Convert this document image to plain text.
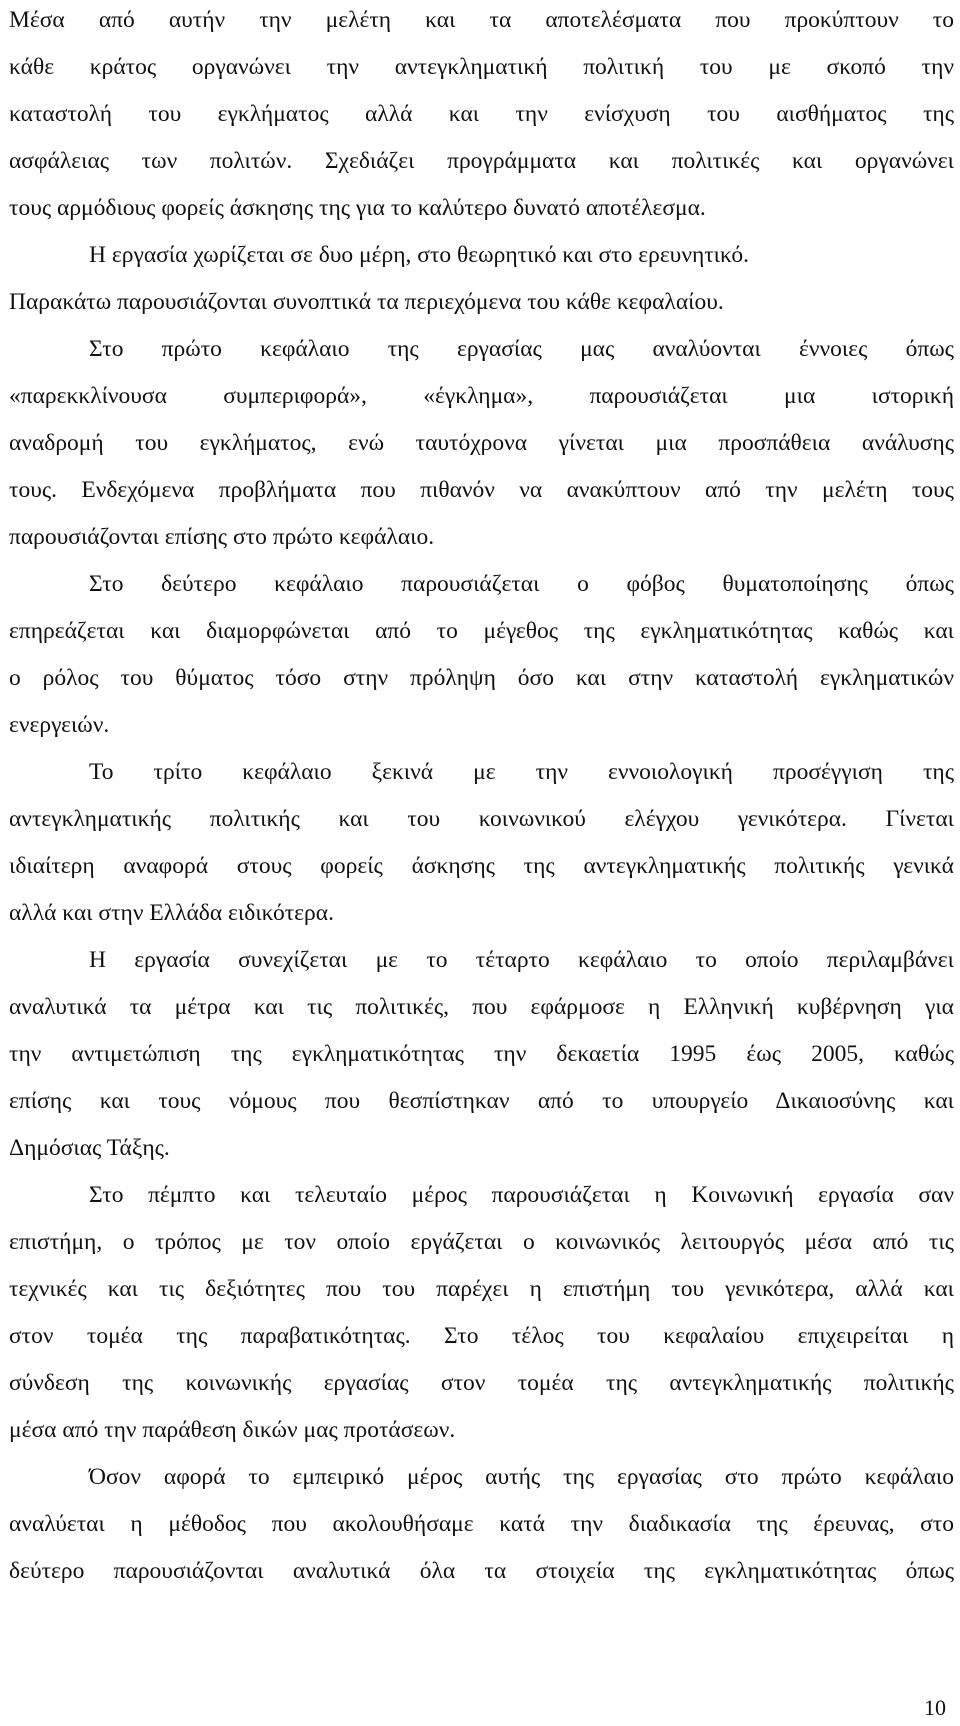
Μέσα από αυτήν την μελέτη και τα αποτελέσματα που προκύπτουν το
κάθε κράτος οργανώνει την αντεγκληματική πολιτική του με σκοπό την
καταστολή του εγκλήματος αλλά και την ενίσχυση του αισθήματος της
ασφάλειας των πολιτών. Σχεδιάζει προγράμματα και πολιτικές και οργανώνει
τους αρμόδιους φορείς άσκησης της για το καλύτερο δυνατό αποτέλεσμα.
Η εργασία χωρίζεται σε δυο μέρη, στο θεωρητικό και στο ερευνητικό.
Παρακάτω παρουσιάζονται συνοπτικά τα περιεχόμενα του κάθε κεφαλαίου.
Στο πρώτο κεφάλαιο της εργασίας μας αναλύονται έννοιες όπως
«παρεκκλίνουσα συμπεριφορά», «έγκλημα», παρουσιάζεται μια ιστορική
αναδρομή του εγκλήματος, ενώ ταυτόχρονα γίνεται μια προσπάθεια ανάλυσης
τους. Ενδεχόμενα προβλήματα που πιθανόν να ανακύπτουν από την μελέτη τους
παρουσιάζονται επίσης στο πρώτο κεφάλαιο.
Στο δεύτερο κεφάλαιο παρουσιάζεται ο φόβος θυματοποίησης όπως
επηρεάζεται και διαμορφώνεται από το μέγεθος της εγκληματικότητας καθώς και
ο ρόλος του θύματος τόσο στην πρόληψη όσο και στην καταστολή εγκληματικών
ενεργειών.
Το τρίτο κεφάλαιο ξεκινά με την εννοιολογική προσέγγιση της
αντεγκληματικής πολιτικής και του κοινωνικού ελέγχου γενικότερα. Γίνεται
ιδιαίτερη αναφορά στους φορείς άσκησης της αντεγκληματικής πολιτικής γενικά
αλλά και στην Ελλάδα ειδικότερα.
Η εργασία συνεχίζεται με το τέταρτο κεφάλαιο το οποίο περιλαμβάνει
αναλυτικά τα μέτρα και τις πολιτικές, που εφάρμοσε η Ελληνική κυβέρνηση για
την αντιμετώπιση της εγκληματικότητας την δεκαετία 1995 έως 2005, καθώς
επίσης και τους νόμους που θεσπίστηκαν από το υπουργείο Δικαιοσύνης και
Δημόσιας Τάξης.
Στο πέμπτο και τελευταίο μέρος παρουσιάζεται η Κοινωνική εργασία σαν
επιστήμη, ο τρόπος με τον οποίο εργάζεται ο κοινωνικός λειτουργός μέσα από τις
τεχνικές και τις δεξιότητες που του παρέχει η επιστήμη του γενικότερα, αλλά και
στον τομέα της παραβατικότητας. Στο τέλος του κεφαλαίου επιχειρείται η
σύνδεση της κοινωνικής εργασίας στον τομέα της αντεγκληματικής πολιτικής
μέσα από την παράθεση δικών μας προτάσεων.
Όσον αφορά το εμπειρικό μέρος αυτής της εργασίας στο πρώτο κεφάλαιο
αναλύεται η μέθοδος που ακολουθήσαμε κατά την διαδικασία της έρευνας, στο
δεύτερο παρουσιάζονται αναλυτικά όλα τα στοιχεία της εγκληματικότητας όπως
10
